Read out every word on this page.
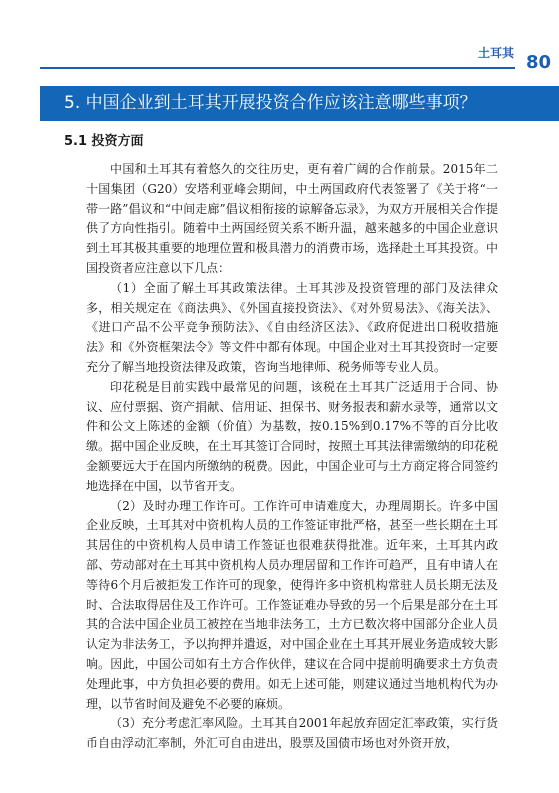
土耳其 80
5. 中国企业到土耳其开展投资合作应该注意哪些事项？
5.1 投资方面

中国和土耳其有着悠久的交往历史，更有着广阔的合作前景。2015年二十国集团（G20）安塔利亚峰会期间，中土两国政府代表签署了《关于将“一带一路”倡议和“中间走廊”倡议相衔接的谅解备忘录》，为双方开展相关合作提供了方向性指引。随着中土两国经贸关系不断升温，越来越多的中国企业意识到土耳其极其重要的地理位置和极具潜力的消费市场，选择赴土耳其投资。中国投资者应注意以下几点：

（1）全面了解土耳其政策法律。土耳其涉及投资管理的部门及法律众多，相关规定在《商法典》、《外国直接投资法》、《对外贸易法》、《海关法》、《进口产品不公平竞争预防法》、《自由经济区法》、《政府促进出口税收措施法》和《外资框架法令》等文件中都有体现。中国企业对土耳其投资时一定要充分了解当地投资法律及政策，咨询当地律师、税务师等专业人员。

印花税是目前实践中最常见的问题，该税在土耳其广泛适用于合同、协议、应付票据、资产捐献、信用证、担保书、财务报表和薪水录等，通常以文件和公文上陈述的金额（价值）为基数，按0.15%到0.17%不等的百分比收缴。据中国企业反映，在土耳其签订合同时，按照土耳其法律需缴纳的印花税金额要远大于在国内所缴纳的税费。因此，中国企业可与土方商定将合同签约地选择在中国，以节省开支。

（2）及时办理工作许可。工作许可申请难度大，办理周期长。许多中国企业反映，土耳其对中资机构人员的工作签证审批严格，甚至一些长期在土耳其居住的中资机构人员申请工作签证也很难获得批准。近年来，土耳其内政部、劳动部对在土耳其中资机构人员办理居留和工作许可趋严，且有申请人在等待6个月后被拒发工作许可的现象，使得许多中资机构常驻人员长期无法及时、合法取得居住及工作许可。工作签证难办导致的另一个后果是部分在土耳其的合法中国企业员工被控在当地非法务工，土方已数次将中国部分企业人员认定为非法务工，予以拘押并遣返，对中国企业在土耳其开展业务造成较大影响。因此，中国公司如有土方合作伙伴，建议在合同中提前明确要求土方负责处理此事，中方负担必要的费用。如无上述可能，则建议通过当地机构代为办理，以节省时间及避免不必要的麻烦。

（3）充分考虑汇率风险。土耳其自2001年起放弃固定汇率政策，实行货币自由浮动汇率制，外汇可自由进出，股票及国债市场也对外资开放，
